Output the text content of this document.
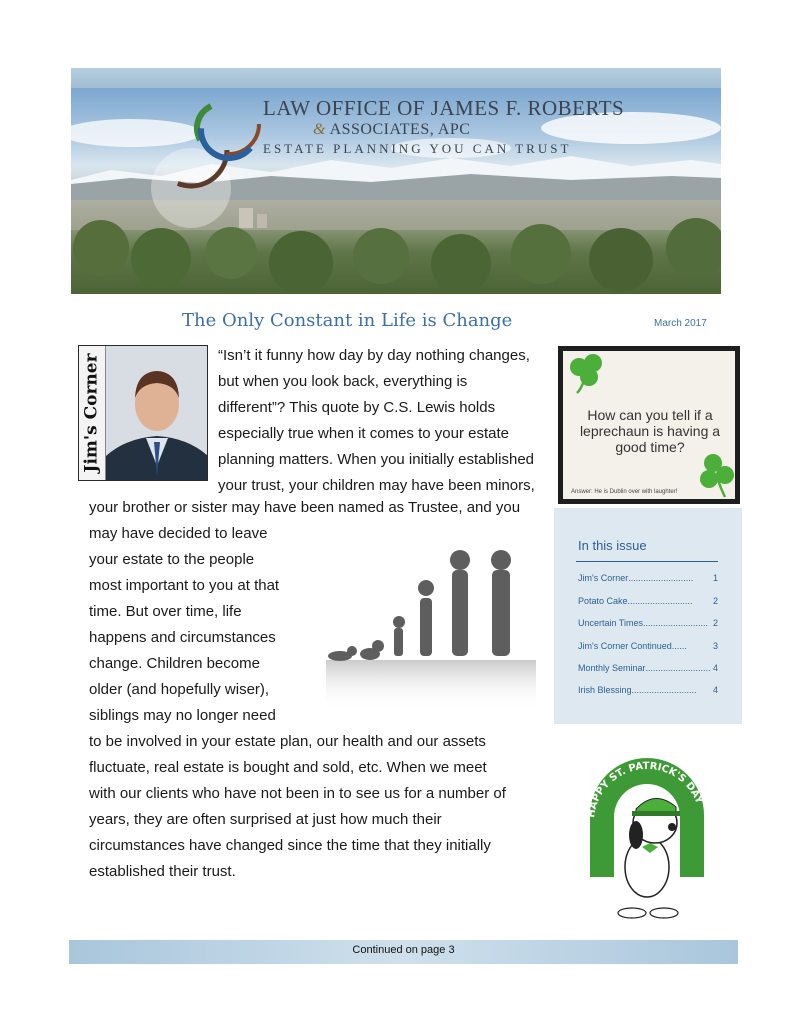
LAW OFFICE OF JAMES F. ROBERTS
& ASSOCIATES, APC
ESTATE PLANNING YOU CAN TRUST
The Only Constant in Life is Change	March 2017
Jim's Corner	“Isn’t it funny how day by day nothing changes,
but when you look back, everything is
different”? This quote by C.S. Lewis holds
especially true when it comes to your estate
planning matters. When you initially established
your trust, your children may have been minors,
your brother or sister may have been named as Trustee, and you
may have decided to leave
your estate to the people
most important to you at that
time. But over time, life
happens and circumstances
change. Children become
older (and hopefully wiser),
siblings may no longer need
to be involved in your estate plan, our health and our assets
fluctuate, real estate is bought and sold, etc. When we meet
with our clients who have not been in to see us for a number of
years, they are often surprised at just how much their
circumstances have changed since the time that they initially
established their trust.
How can you tell if a leprechaun is having a good time?
Answer: He is Dublin over with laughter!
In this issue
Jim's Corner ..........................	1
Potato Cake ..........................	2
Uncertain Times .......................... 2
Jim's Corner Continued ......	3
Monthly Seminar .......................... 4
Irish Blessing ..........................	4
HAPPY ST. PATRICK'S DAY
Continued on page 3
